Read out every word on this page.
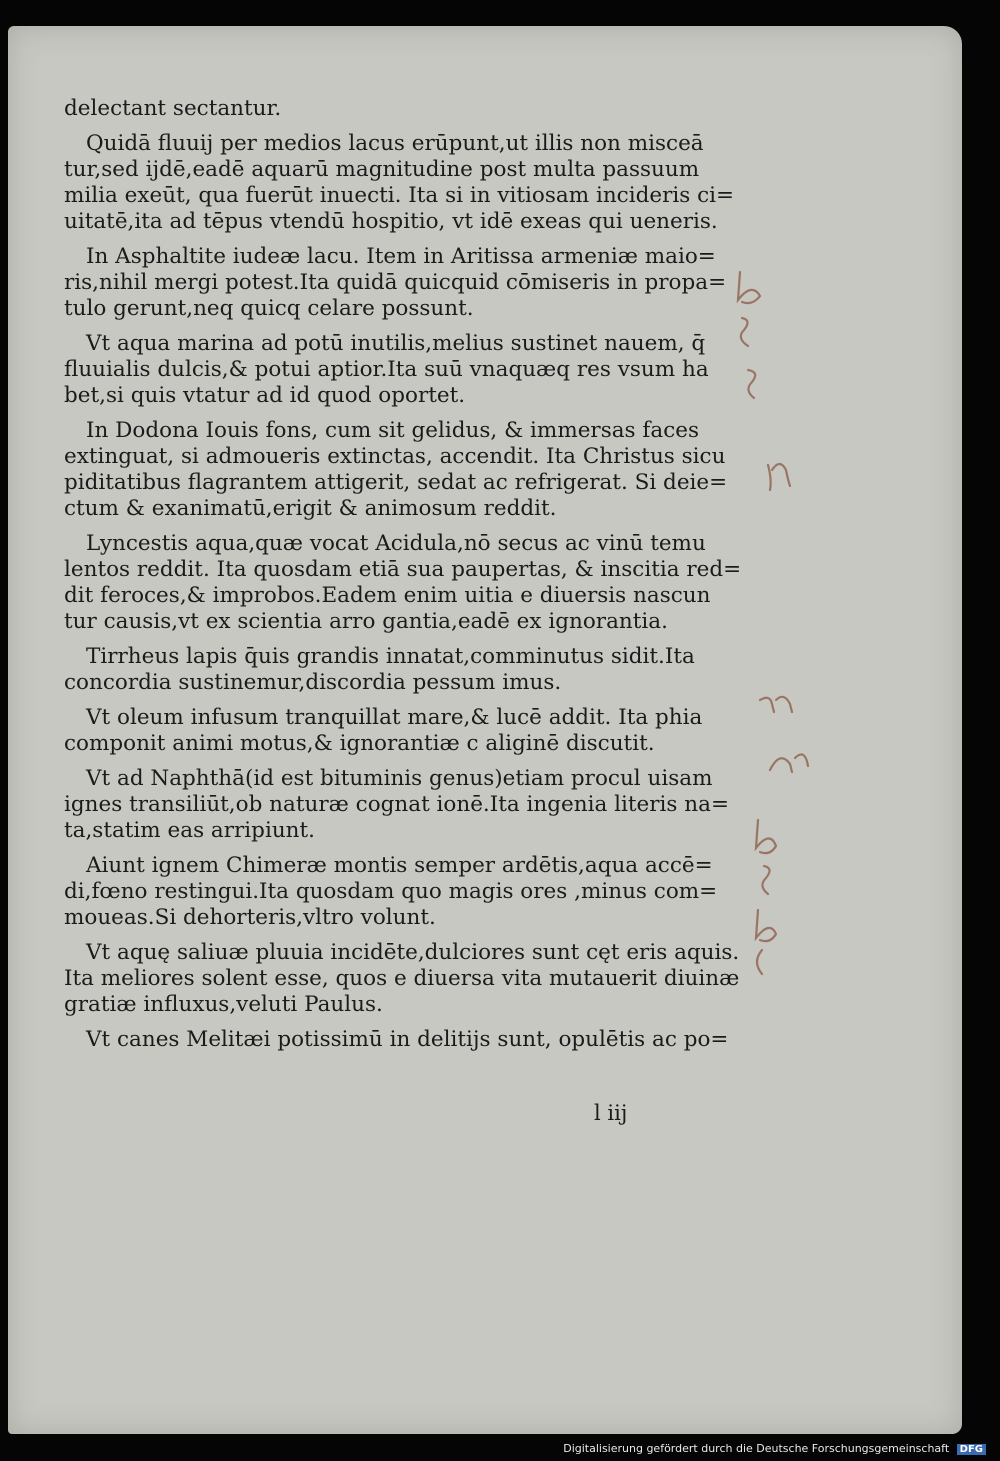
delectant sectantur.
Quidā fluuij per medios lacus erūpunt,ut illis non misceā
tur,sed ijdē,eadē aquarū magnitudine post multa passuum
milia exeūt, qua fuerūt inuecti. Ita si in vitiosam incideris ci=
uitatē,ita ad tēpus vtendū hospitio, vt idē exeas qui ueneris.
In Asphaltite iudeæ lacu. Item in Aritissa armeniæ maio=
ris,nihil mergi potest.Ita quidā quicquid cōmiseris in propa=
tulo gerunt,neq quicq celare possunt.
Vt aqua marina ad potū inutilis,melius sustinet nauem, q̄
fluuialis dulcis,& potui aptior.Ita suū vnaquæq res vsum ha
bet,si quis vtatur ad id quod oportet.
In Dodona Iouis fons, cum sit gelidus, & immersas faces
extinguat, si admoueris extinctas, accendit. Ita Christus sicu
piditatibus flagrantem attigerit, sedat ac refrigerat. Si deie=
ctum & exanimatū,erigit & animosum reddit.
Lyncestis aqua,quæ vocat Acidula,nō secus ac vinū temu
lentos reddit. Ita quosdam etiā sua paupertas, & inscitia red=
dit feroces,& improbos.Eadem enim uitia e diuersis nascun
tur causis,vt ex scientia arro gantia,eadē ex ignorantia.
Tirrheus lapis q̄uis grandis innatat,comminutus sidit.Ita
concordia sustinemur,discordia pessum imus.
Vt oleum infusum tranquillat mare,& lucē addit. Ita phia
componit animi motus,& ignorantiæ c aliginē discutit.
Vt ad Naphthā(id est bituminis genus)etiam procul uisam
ignes transiliūt,ob naturæ cognat ionē.Ita ingenia literis na=
ta,statim eas arripiunt.
Aiunt ignem Chimeræ montis semper ardētis,aqua accē=
di,fœno restingui.Ita quosdam quo magis ores ,minus com=
moueas.Si dehorteris,vltro volunt.
Vt aquę saliuæ pluuia incidēte,dulciores sunt cęt eris aquis.
Ita meliores solent esse, quos e diuersa vita mutauerit diuinæ
gratiæ influxus,veluti Paulus.
Vt canes Melitæi potissimū in delitijs sunt, opulētis ac po=
l iij
Digitalisierung gefördert durch die Deutsche Forschungsgemeinschaft DFG
